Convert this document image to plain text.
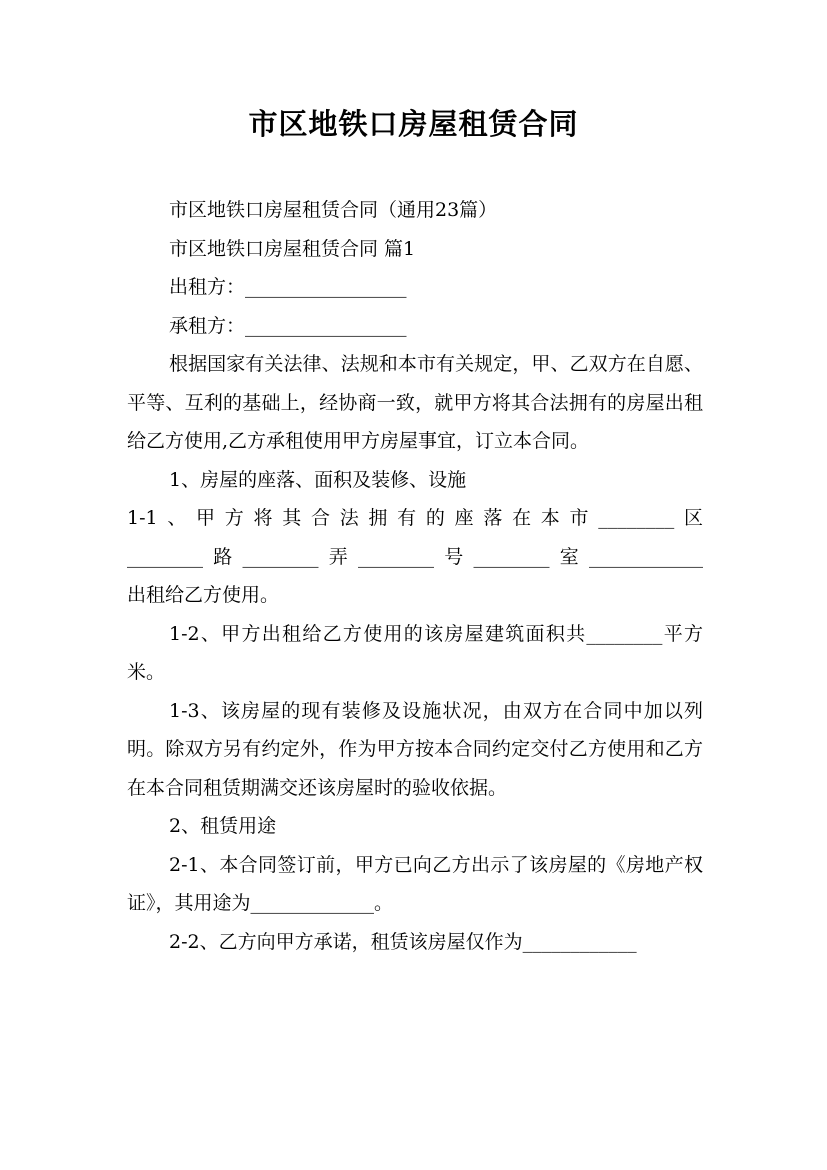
市区地铁口房屋租赁合同

市区地铁口房屋租赁合同（通用23篇）

市区地铁口房屋租赁合同 篇1

出租方：_________________

承租方：_________________

根据国家有关法律、法规和本市有关规定，甲、乙双方在自愿、平等、互利的基础上，经协商一致，就甲方将其合法拥有的房屋出租给乙方使用,乙方承租使用甲方房屋事宜，订立本合同。

1、房屋的座落、面积及装修、设施

1-1、甲方将其合法拥有的座落在本市________区

________路________弄________号________室____________

出租给乙方使用。

1-2、甲方出租给乙方使用的该房屋建筑面积共________平方米。

1-3、该房屋的现有装修及设施状况，由双方在合同中加以列明。除双方另有约定外，作为甲方按本合同约定交付乙方使用和乙方在本合同租赁期满交还该房屋时的验收依据。

2、租赁用途

2-1、本合同签订前，甲方已向乙方出示了该房屋的《房地产权证》，其用途为_____________。

2-2、乙方向甲方承诺，租赁该房屋仅作为____________
